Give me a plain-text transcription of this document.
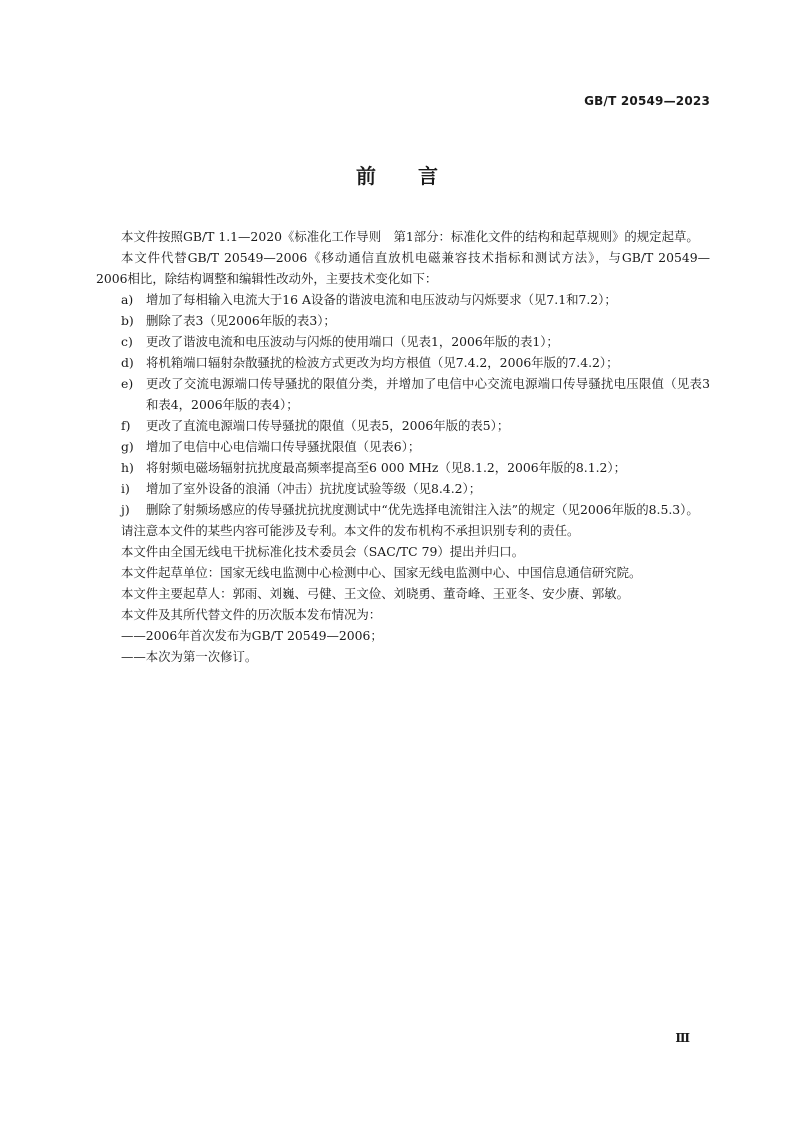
GB/T 20549—2023
前 言

本文件按照GB/T 1.1—2020《标准化工作导则　第1部分：标准化文件的结构和起草规则》的规定起草。

本文件代替GB/T 20549—2006《移动通信直放机电磁兼容技术指标和测试方法》，与GB/T 20549—2006相比，除结构调整和编辑性改动外，主要技术变化如下：

a)	增加了每相输入电流大于16 A设备的谐波电流和电压波动与闪烁要求（见7.1和7.2）；
b) 删除了表3（见2006年版的表3）；
c)	更改了谐波电流和电压波动与闪烁的使用端口（见表1，2006年版的表1）；
d) 将机箱端口辐射杂散骚扰的检波方式更改为均方根值（见7.4.2，2006年版的7.4.2）；
e)	更改了交流电源端口传导骚扰的限值分类，并增加了电信中心交流电源端口传导骚扰电压限值（见表3和表4，2006年版的表4）；
f)	更改了直流电源端口传导骚扰的限值（见表5，2006年版的表5）；
g) 增加了电信中心电信端口传导骚扰限值（见表6）；
h) 将射频电磁场辐射抗扰度最高频率提高至6 000 MHz（见8.1.2，2006年版的8.1.2）；
i)	增加了室外设备的浪涌（冲击）抗扰度试验等级（见8.4.2）；
j)	删除了射频场感应的传导骚扰抗扰度测试中“优先选择电流钳注入法”的规定（见2006年版的8.5.3）。

请注意本文件的某些内容可能涉及专利。本文件的发布机构不承担识别专利的责任。

本文件由全国无线电干扰标准化技术委员会（SAC/TC 79）提出并归口。

本文件起草单位：国家无线电监测中心检测中心、国家无线电监测中心、中国信息通信研究院。

本文件主要起草人：郭雨、刘巍、弓健、王文俭、刘晓勇、董奇峰、王亚冬、安少赓、郭敏。

本文件及其所代替文件的历次版本发布情况为：

——2006年首次发布为GB/T 20549—2006；

——本次为第一次修订。

Ⅲ
